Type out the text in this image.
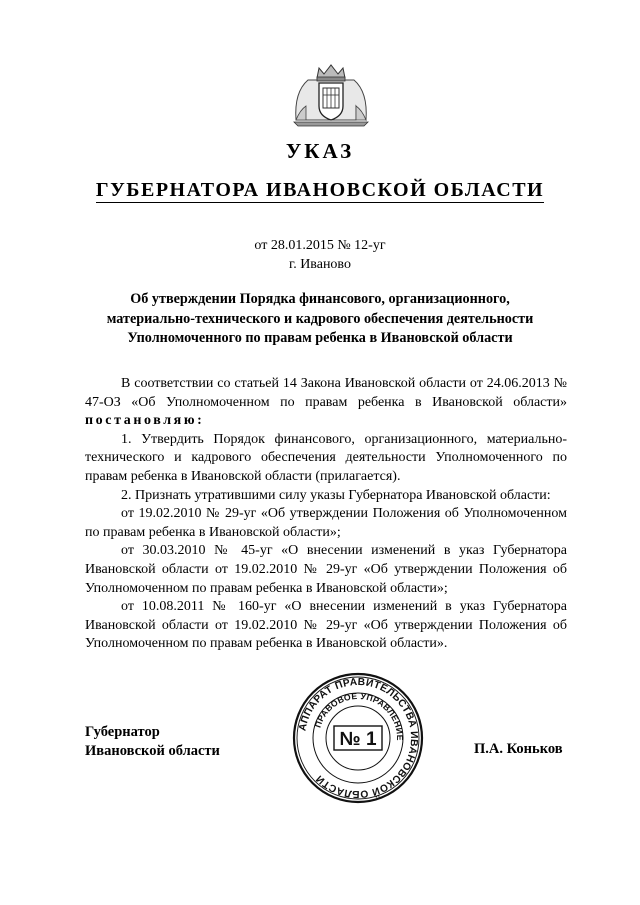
УКАЗ
ГУБЕРНАТОРА ИВАНОВСКОЙ ОБЛАСТИ
от 28.01.2015 № 12-уг
г. Иваново
Об утверждении Порядка финансового, организационного,
материально-технического и кадрового обеспечения деятельности
Уполномоченного по правам ребенка в Ивановской области

В соответствии со статьей 14 Закона Ивановской области от 24.06.2013 № 47-ОЗ «Об Уполномоченном по правам ребенка в Ивановской области» постановляю:

1. Утвердить Порядок финансового, организационного, материально-технического и кадрового обеспечения деятельности Уполномоченного по правам ребенка в Ивановской области (прилагается).

2. Признать утратившими силу указы Губернатора Ивановской области:

от 19.02.2010 № 29-уг «Об утверждении Положения об Уполномоченном по правам ребенка в Ивановской области»;

от 30.03.2010 № 45-уг «О внесении изменений в указ Губернатора Ивановской области от 19.02.2010 № 29-уг «Об утверждении Положения об Уполномоченном по правам ребенка в Ивановской области»;

от 10.08.2011 № 160-уг «О внесении изменений в указ Губернатора Ивановской области от 19.02.2010 № 29-уг «Об утверждении Положения об Уполномоченном по правам ребенка в Ивановской области».

Губернатор
Ивановской области
АППАРАТ ПРАВИТЕЛЬСТВА ИВАНОВСКОЙ ОБЛАСТИ
ПРАВОВОЕ УПРАВЛЕНИЕ
№ 1	П.А. Коньков
